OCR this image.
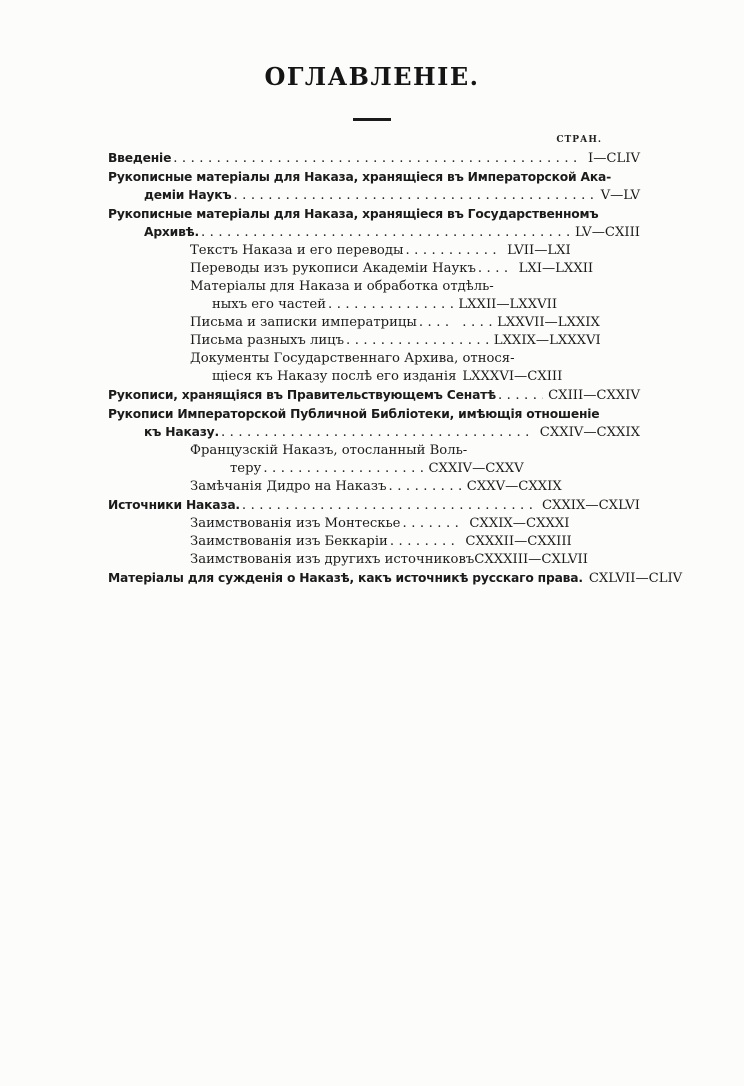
ОГЛАВЛЕНІЕ.
СТРАН.
Введеніе .....	I—CLIV
Рукописные матеріалы для Наказа, хранящіеся въ Императорской Ака-
деміи Наукъ .....	V—LV
Рукописные матеріалы для Наказа, хранящіеся въ Государственномъ
Архивѣ. .....	LV—CXIII
Текстъ Наказа и его переводы ........... LVII—LXI
Переводы изъ рукописи Академіи Наукъ .... LXI—LXXII
Матеріалы для Наказа и обработка отдѣль-
ныхъ его частей ............... LXXII—LXXVII
Письма и записки императрицы .... .... LXXVII—LXXIX
Письма разныхъ лицъ ................. LXXIX—LXXXVI
Документы Государственнаго Архива, относя-
щіеся къ Наказу послѣ его изданія LXXXVI—CXIII
Рукописи, хранящіяся въ Правительствующемъ Сенатѣ .....	CXIII—CXXIV
Рукописи Императорской Публичной Библіотеки, имѣющія отношеніе
къ Наказу. .....	CXXIV—CXXIX
Французскій Наказъ, отосланный Воль-
теру ................... CXXIV—CXXV
Замѣчанія Дидро на Наказъ ......... CXXV—CXXIX
Источники Наказа. .....	CXXIX—CXLVI
Заимствованія изъ Монтескье ....... CXXIX—CXXXI
Заимствованія изъ Беккаріи ........ CXXXII—CXXIII
Заимствованія изъ другихъ источниковъ CXXXIII—CXLVII
Матеріалы для сужденія о Наказѣ, какъ источникѣ русскаго права. CXLVII—CLIV
